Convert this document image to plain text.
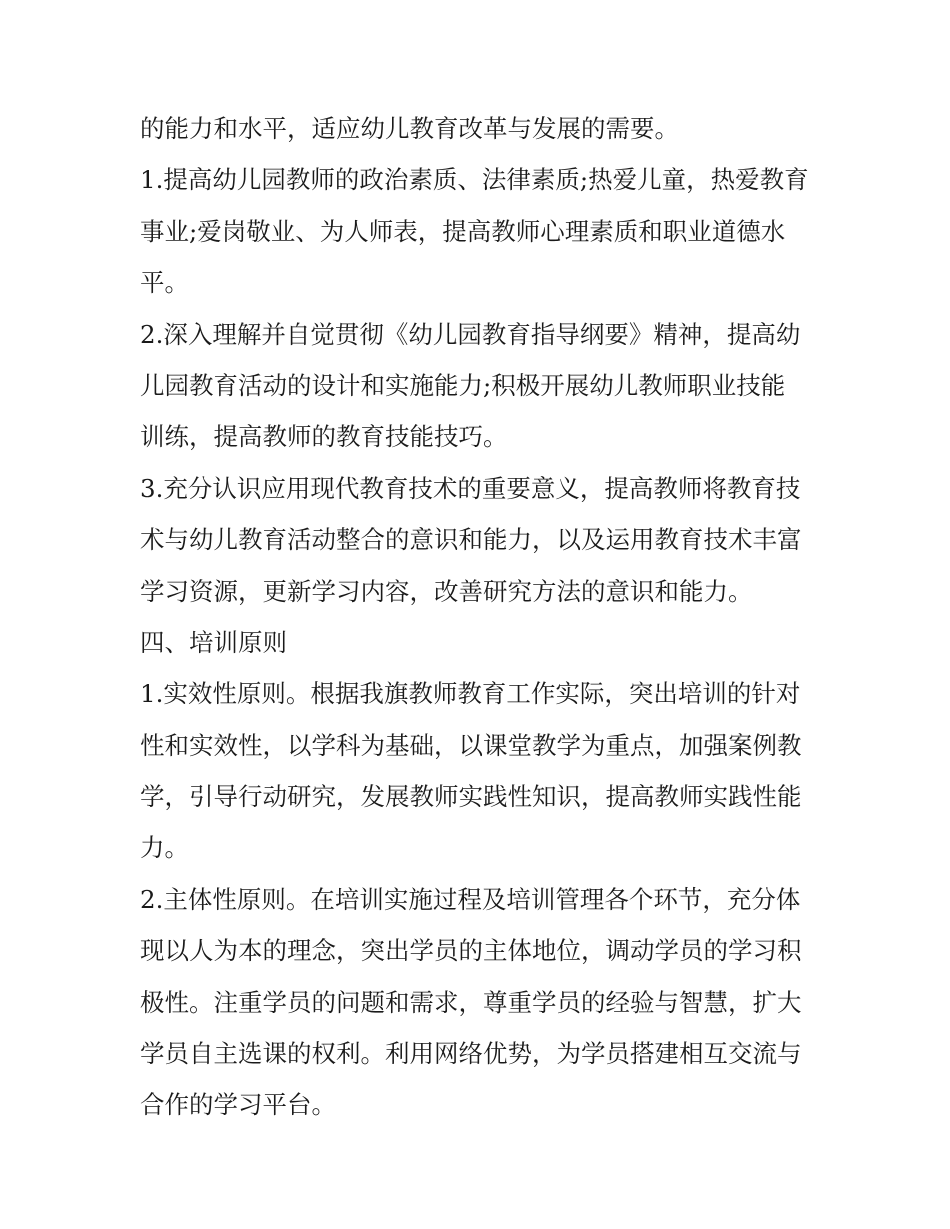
的能力和水平，适应幼儿教育改革与发展的需要。
1.提高幼儿园教师的政治素质、法律素质;热爱儿童，热爱教育
事业;爱岗敬业、为人师表，提高教师心理素质和职业道德水
平。
2.深入理解并自觉贯彻《幼儿园教育指导纲要》精神，提高幼
儿园教育活动的设计和实施能力;积极开展幼儿教师职业技能
训练，提高教师的教育技能技巧。
3.充分认识应用现代教育技术的重要意义，提高教师将教育技
术与幼儿教育活动整合的意识和能力，以及运用教育技术丰富
学习资源，更新学习内容，改善研究方法的意识和能力。
四、培训原则
1.实效性原则。根据我旗教师教育工作实际，突出培训的针对
性和实效性，以学科为基础，以课堂教学为重点，加强案例教
学，引导行动研究，发展教师实践性知识，提高教师实践性能
力。
2.主体性原则。在培训实施过程及培训管理各个环节，充分体
现以人为本的理念，突出学员的主体地位，调动学员的学习积
极性。注重学员的问题和需求，尊重学员的经验与智慧，扩大
学员自主选课的权利。利用网络优势，为学员搭建相互交流与
合作的学习平台。
